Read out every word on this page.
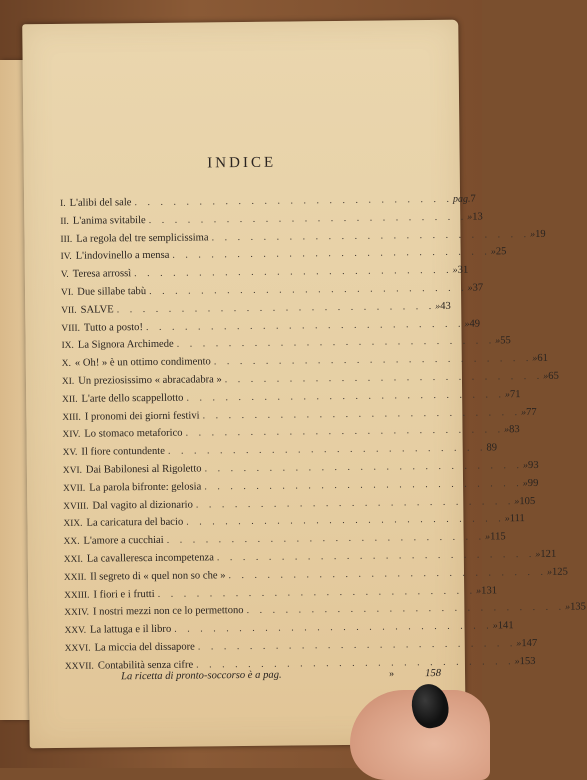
INDICE
I. L'alibi del sale . . . . . . . . . . . . . . . . . . . . . . . . . pag. 7
II. L'anima svitabile . . . . . . . . . . . . . . . . . . . . . . . . . » 13
III. La regola del tre semplicissima . . . . . . . . . . . . . . . . . . . . . . . . . » 19
IV. L'indovinello a mensa . . . . . . . . . . . . . . . . . . . . . . . . . » 25
V. Teresa arrossì . . . . . . . . . . . . . . . . . . . . . . . . . » 31
VI. Due sillabe tabù . . . . . . . . . . . . . . . . . . . . . . . . . » 37
VII. SALVE . . . . . . . . . . . . . . . . . . . . . . . . . » 43
VIII. Tutto a posto! . . . . . . . . . . . . . . . . . . . . . . . . . » 49
IX. La Signora Archimede . . . . . . . . . . . . . . . . . . . . . . . . . » 55
X. « Oh! » è un ottimo condimento . . . . . . . . . . . . . . . . . . . . . . . . . » 61
XI. Un preziosissimo « abracadabra » . . . . . . . . . . . . . . . . . . . . . . . . . » 65
XII. L'arte dello scappellotto . . . . . . . . . . . . . . . . . . . . . . . . . » 71
XIII. I pronomi dei giorni festivi . . . . . . . . . . . . . . . . . . . . . . . . . » 77
XIV. Lo stomaco metaforico . . . . . . . . . . . . . . . . . . . . . . . . . » 83
XV. Il fiore contundente . . . . . . . . . . . . . . . . . . . . . . . . . 89
XVI. Dai Babilonesi al Rigoletto . . . . . . . . . . . . . . . . . . . . . . . . . » 93
XVII. La parola bifronte: gelosia . . . . . . . . . . . . . . . . . . . . . . . . . » 99
XVIII. Dal vagito al dizionario . . . . . . . . . . . . . . . . . . . . . . . . . » 105
XIX. La caricatura del bacio . . . . . . . . . . . . . . . . . . . . . . . . . » 111
XX. L'amore a cucchiai . . . . . . . . . . . . . . . . . . . . . . . . . » 115
XXI. La cavalleresca incompetenza . . . . . . . . . . . . . . . . . . . . . . . . . » 121
XXII. Il segreto di « quel non so che » . . . . . . . . . . . . . . . . . . . . . . . . . » 125
XXIII. I fiori e i frutti . . . . . . . . . . . . . . . . . . . . . . . . . » 131
XXIV. I nostri mezzi non ce lo permettono . . . . . . . . . . . . . . . . . . . . . . . . . » 135
XXV. La lattuga e il libro . . . . . . . . . . . . . . . . . . . . . . . . . » 141
XXVI. La miccia del dissapore . . . . . . . . . . . . . . . . . . . . . . . . . » 147
XXVII. Contabilità senza cifre . . . . . . . . . . . . . . . . . . . . . . . . . » 153
La ricetta di pronto-soccorso è a pag.	»	158
